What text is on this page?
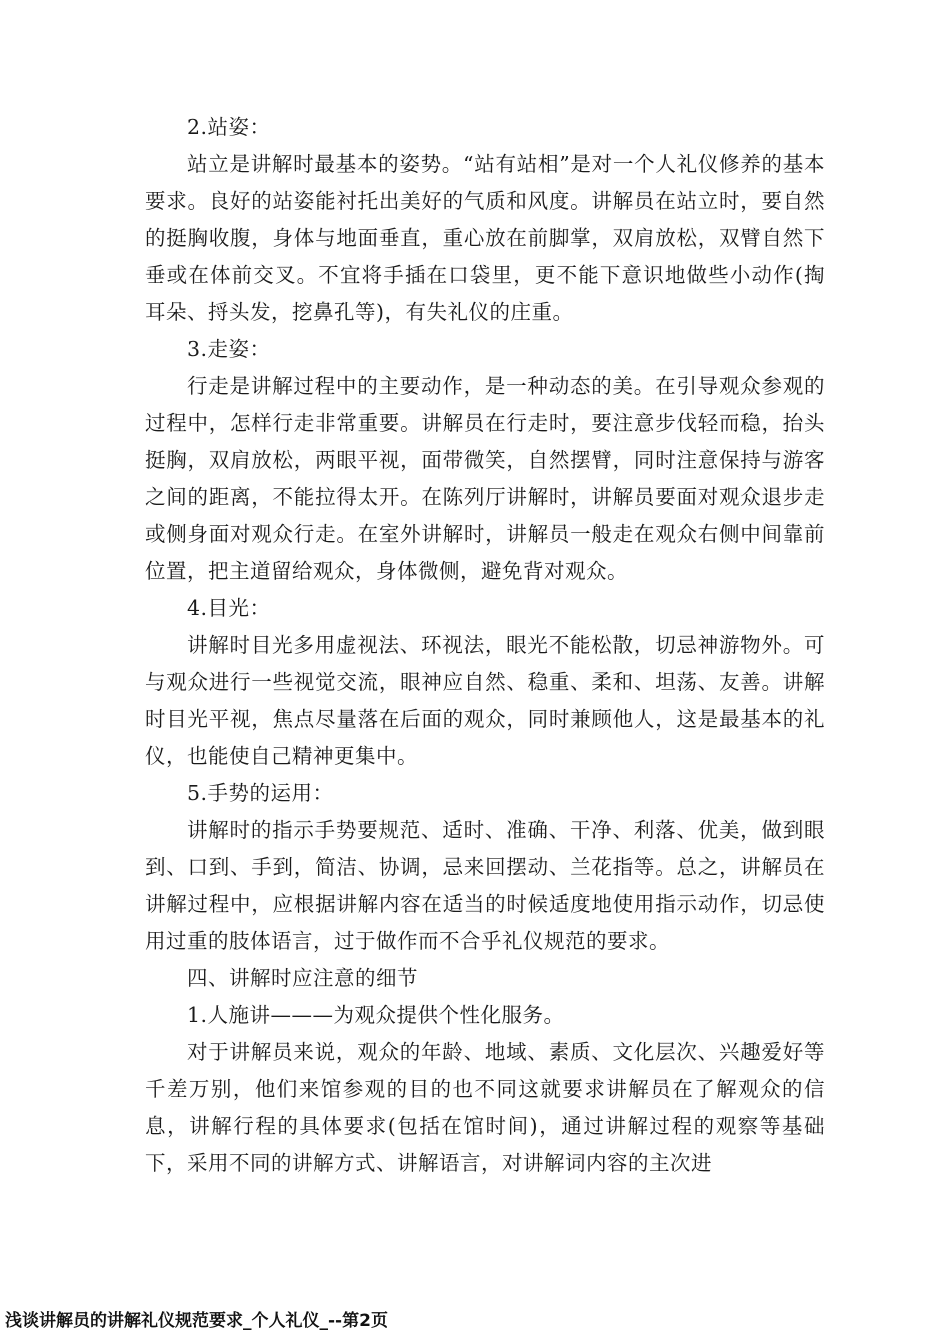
2.站姿：

站立是讲解时最基本的姿势。“站有站相”是对一个人礼仪修养的基本要求。良好的站姿能衬托出美好的气质和风度。讲解员在站立时，要自然的挺胸收腹，身体与地面垂直，重心放在前脚掌，双肩放松，双臂自然下垂或在体前交叉。不宜将手插在口袋里，更不能下意识地做些小动作(掏耳朵、捋头发，挖鼻孔等)，有失礼仪的庄重。

3.走姿：

行走是讲解过程中的主要动作，是一种动态的美。在引导观众参观的过程中，怎样行走非常重要。讲解员在行走时，要注意步伐轻而稳，抬头挺胸，双肩放松，两眼平视，面带微笑，自然摆臂，同时注意保持与游客之间的距离，不能拉得太开。在陈列厅讲解时，讲解员要面对观众退步走或侧身面对观众行走。在室外讲解时，讲解员一般走在观众右侧中间靠前位置，把主道留给观众，身体微侧，避免背对观众。

4.目光：

讲解时目光多用虚视法、环视法，眼光不能松散，切忌神游物外。可与观众进行一些视觉交流，眼神应自然、稳重、柔和、坦荡、友善。讲解时目光平视，焦点尽量落在后面的观众，同时兼顾他人，这是最基本的礼仪，也能使自己精神更集中。

5.手势的运用：

讲解时的指示手势要规范、适时、准确、干净、利落、优美，做到眼到、口到、手到，简洁、协调，忌来回摆动、兰花指等。总之，讲解员在讲解过程中，应根据讲解内容在适当的时候适度地使用指示动作，切忌使用过重的肢体语言，过于做作而不合乎礼仪规范的要求。

四、讲解时应注意的细节

1.人施讲———为观众提供个性化服务。

对于讲解员来说，观众的年龄、地域、素质、文化层次、兴趣爱好等千差万别，他们来馆参观的目的也不同这就要求讲解员在了解观众的信息，讲解行程的具体要求(包括在馆时间)，通过讲解过程的观察等基础下，采用不同的讲解方式、讲解语言，对讲解词内容的主次进

浅谈讲解员的讲解礼仪规范要求_个人礼仪_--第2页
